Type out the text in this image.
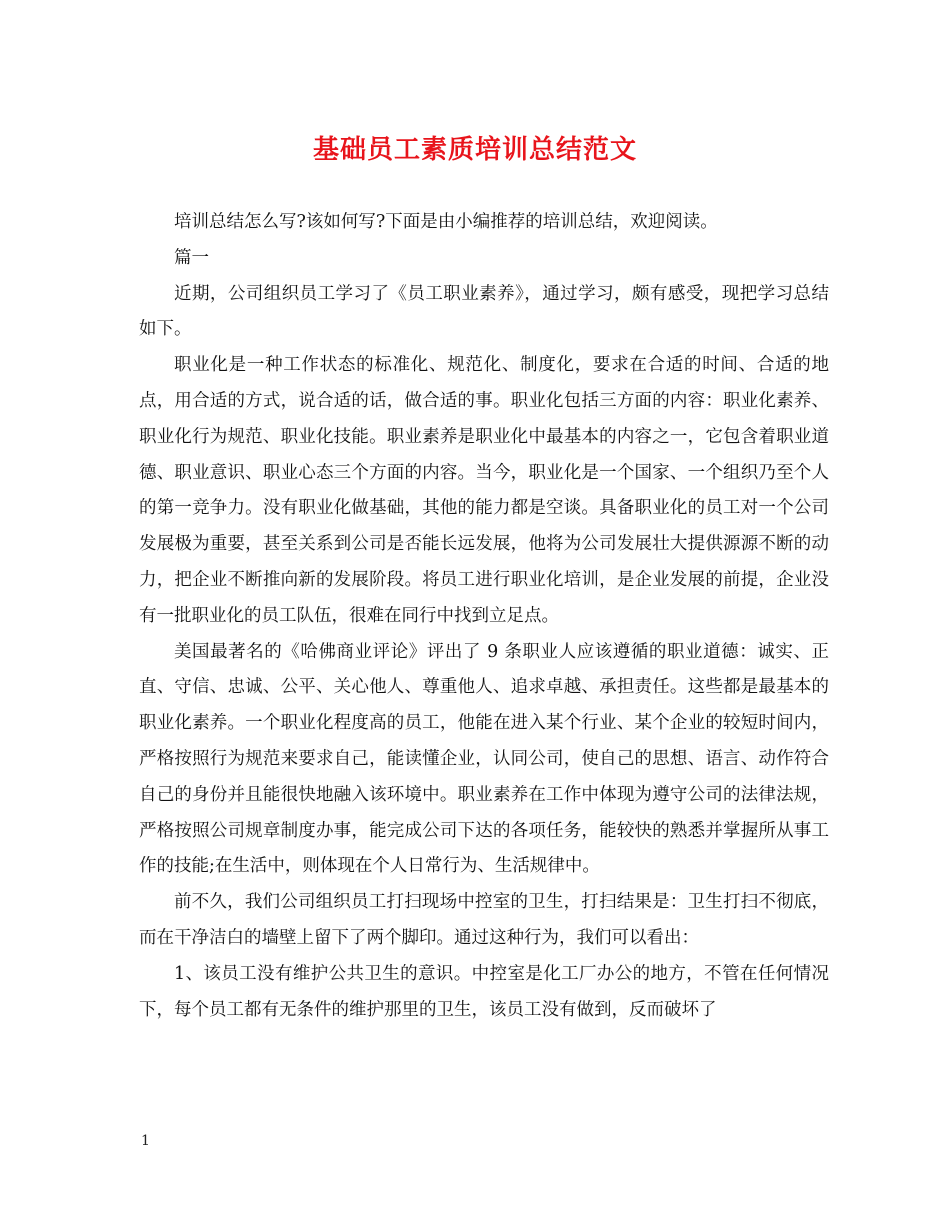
基础员工素质培训总结范文

培训总结怎么写?该如何写?下面是由小编推荐的培训总结，欢迎阅读。

篇一

近期，公司组织员工学习了《员工职业素养》，通过学习，颇有感受，现把学习总结如下。

职业化是一种工作状态的标准化、规范化、制度化，要求在合适的时间、合适的地点，用合适的方式，说合适的话，做合适的事。职业化包括三方面的内容：职业化素养、职业化行为规范、职业化技能。职业素养是职业化中最基本的内容之一，它包含着职业道德、职业意识、职业心态三个方面的内容。当今，职业化是一个国家、一个组织乃至个人的第一竞争力。没有职业化做基础，其他的能力都是空谈。具备职业化的员工对一个公司发展极为重要，甚至关系到公司是否能长远发展，他将为公司发展壮大提供源源不断的动力，把企业不断推向新的发展阶段。将员工进行职业化培训，是企业发展的前提，企业没有一批职业化的员工队伍，很难在同行中找到立足点。

美国最著名的《哈佛商业评论》评出了 9 条职业人应该遵循的职业道德：诚实、正直、守信、忠诚、公平、关心他人、尊重他人、追求卓越、承担责任。这些都是最基本的职业化素养。一个职业化程度高的员工，他能在进入某个行业、某个企业的较短时间内，严格按照行为规范来要求自己，能读懂企业，认同公司，使自己的思想、语言、动作符合自己的身份并且能很快地融入该环境中。职业素养在工作中体现为遵守公司的法律法规，严格按照公司规章制度办事，能完成公司下达的各项任务，能较快的熟悉并掌握所从事工作的技能;在生活中，则体现在个人日常行为、生活规律中。

前不久，我们公司组织员工打扫现场中控室的卫生，打扫结果是：卫生打扫不彻底，而在干净洁白的墙壁上留下了两个脚印。通过这种行为，我们可以看出：

1、该员工没有维护公共卫生的意识。中控室是化工厂办公的地方，不管在任何情况下，每个员工都有无条件的维护那里的卫生，该员工没有做到，反而破坏了

1
